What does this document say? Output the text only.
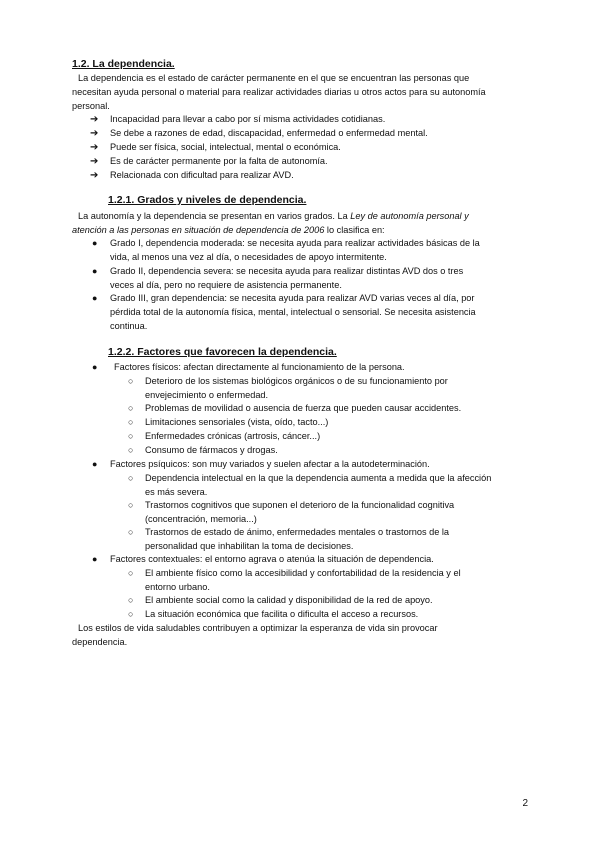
1.2. La dependencia.
La dependencia es el estado de carácter permanente en el que se encuentran las personas que
necesitan ayuda personal o material para realizar actividades diarias u otros actos para su autonomía
personal.
➔ Incapacidad para llevar a cabo por sí misma actividades cotidianas.
➔ Se debe a razones de edad, discapacidad, enfermedad o enfermedad mental.
➔ Puede ser física, social, intelectual, mental o económica.
➔ Es de carácter permanente por la falta de autonomía.
➔ Relacionada con dificultad para realizar AVD.
1.2.1. Grados y niveles de dependencia.
La autonomía y la dependencia se presentan en varios grados. La Ley de autonomía personal y
atención a las personas en situación de dependencia de 2006 lo clasifica en:
● Grado I, dependencia moderada: se necesita ayuda para realizar actividades básicas de la
vida, al menos una vez al día, o necesidades de apoyo intermitente.
● Grado II, dependencia severa: se necesita ayuda para realizar distintas AVD dos o tres
veces al día, pero no requiere de asistencia permanente.
● Grado III, gran dependencia: se necesita ayuda para realizar AVD varias veces al día, por
pérdida total de la autonomía física, mental, intelectual o sensorial. Se necesita asistencia
continua.
1.2.2. Factores que favorecen la dependencia.
● Factores físicos: afectan directamente al funcionamiento de la persona.
○ Deterioro de los sistemas biológicos orgánicos o de su funcionamiento por
envejecimiento o enfermedad.
○ Problemas de movilidad o ausencia de fuerza que pueden causar accidentes.
○ Limitaciones sensoriales (vista, oído, tacto...)
○ Enfermedades crónicas (artrosis, cáncer...)
○ Consumo de fármacos y drogas.
● Factores psíquicos: son muy variados y suelen afectar a la autodeterminación.
○ Dependencia intelectual en la que la dependencia aumenta a medida que la afección
es más severa.
○ Trastornos cognitivos que suponen el deterioro de la funcionalidad cognitiva
(concentración, memoria...)
○ Trastornos de estado de ánimo, enfermedades mentales o trastornos de la
personalidad que inhabilitan la toma de decisiones.
● Factores contextuales: el entorno agrava o atenúa la situación de dependencia.
○ El ambiente físico como la accesibilidad y confortabilidad de la residencia y el
entorno urbano.
○ El ambiente social como la calidad y disponibilidad de la red de apoyo.
○ La situación económica que facilita o dificulta el acceso a recursos.
Los estilos de vida saludables contribuyen a optimizar la esperanza de vida sin provocar
dependencia.
2
